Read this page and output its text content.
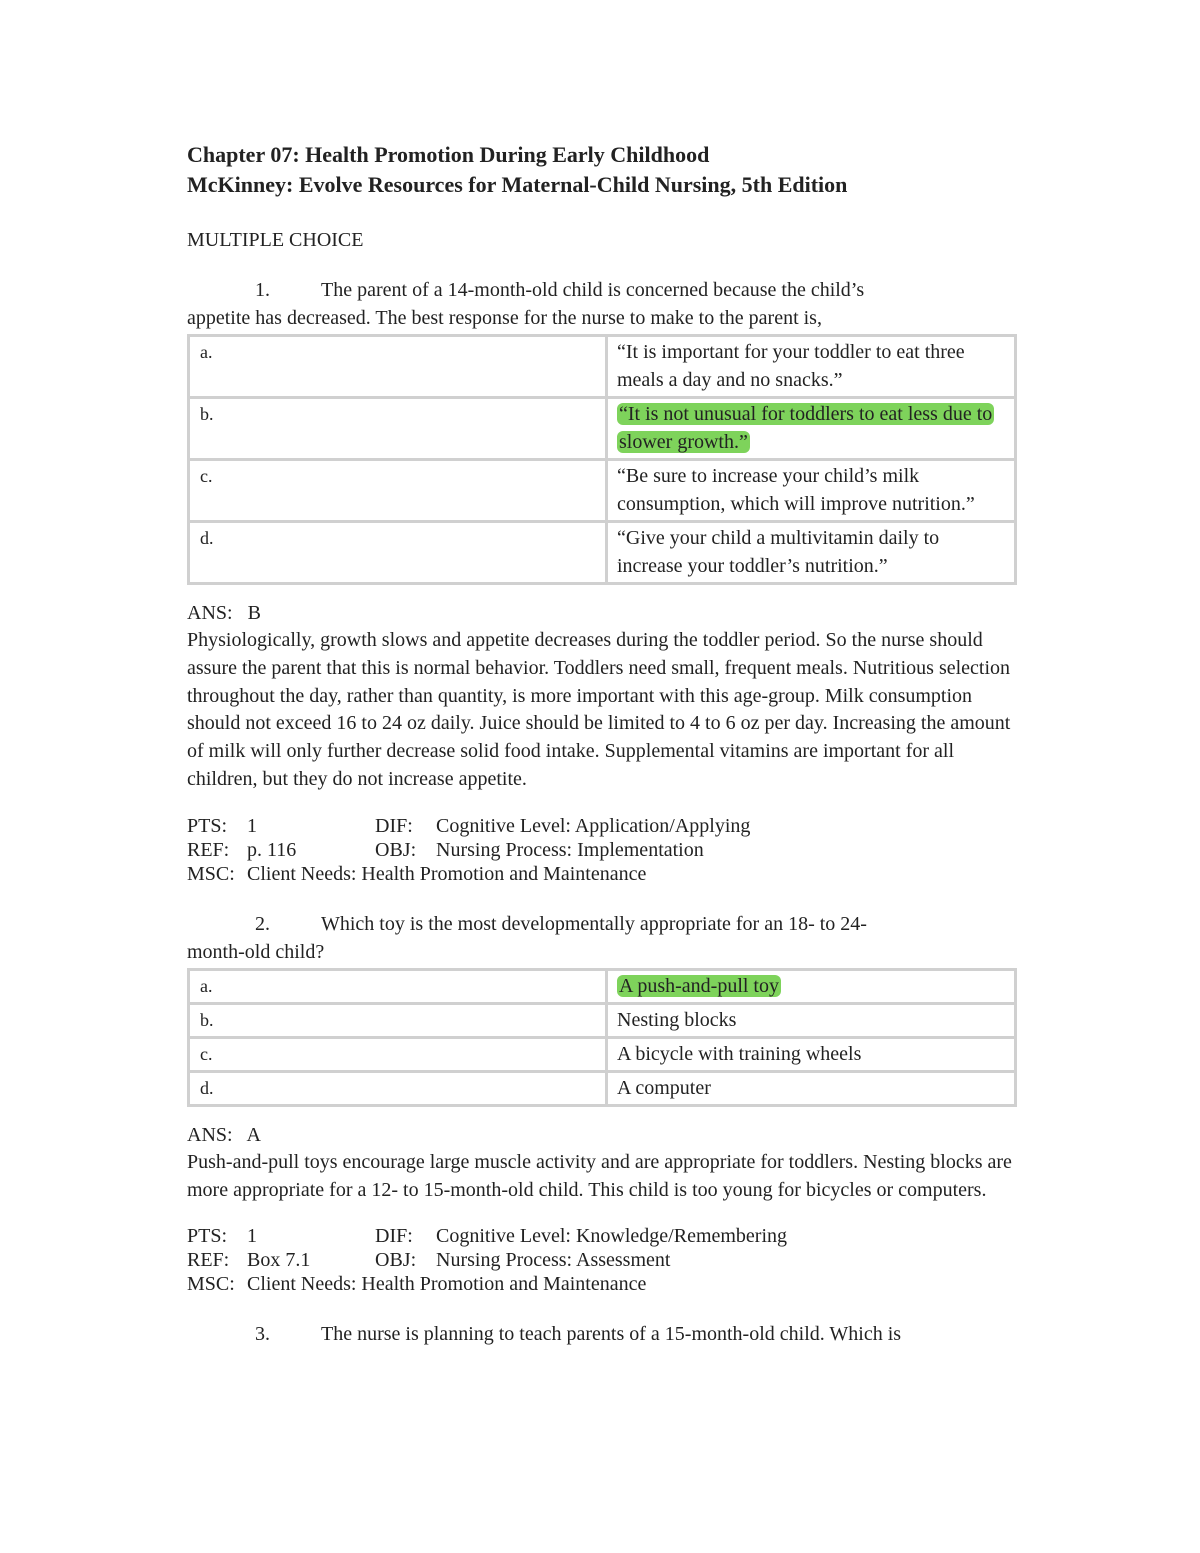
Chapter 07: Health Promotion During Early Childhood
McKinney: Evolve Resources for Maternal-Child Nursing, 5th Edition
MULTIPLE CHOICE
1.	The parent of a 14-month-old child is concerned because the child’s
appetite has decreased. The best response for the nurse to make to the parent is,
a.	“It is important for your toddler to eat three meals a day and no snacks.”
b.	“It is not unusual for toddlers to eat less due to slower growth.”
c.	“Be sure to increase your child’s milk consumption, which will improve nutrition.”
d.	“Give your child a multivitamin daily to increase your toddler’s nutrition.”
ANS: B
Physiologically, growth slows and appetite decreases during the toddler period. So the nurse should assure the parent that this is normal behavior. Toddlers need small, frequent meals. Nutritious selection throughout the day, rather than quantity, is more important with this age-group. Milk consumption should not exceed 16 to 24 oz daily. Juice should be limited to 4 to 6 oz per day. Increasing the amount of milk will only further decrease solid food intake. Supplemental vitamins are important for all children, but they do not increase appetite.
PTS: 1	DIF: Cognitive Level: Application/Applying
REF: p. 116	OBJ: Nursing Process: Implementation
MSC: Client Needs: Health Promotion and Maintenance
2.	Which toy is the most developmentally appropriate for an 18- to 24-
month-old child?
a.	A push-and-pull toy
b.	Nesting blocks
c.	A bicycle with training wheels
d.	A computer
ANS: A
Push-and-pull toys encourage large muscle activity and are appropriate for toddlers. Nesting blocks are more appropriate for a 12- to 15-month-old child. This child is too young for bicycles or computers.
PTS: 1	DIF: Cognitive Level: Knowledge/Remembering
REF: Box 7.1	OBJ: Nursing Process: Assessment
MSC: Client Needs: Health Promotion and Maintenance
3.	The nurse is planning to teach parents of a 15-month-old child. Which is
